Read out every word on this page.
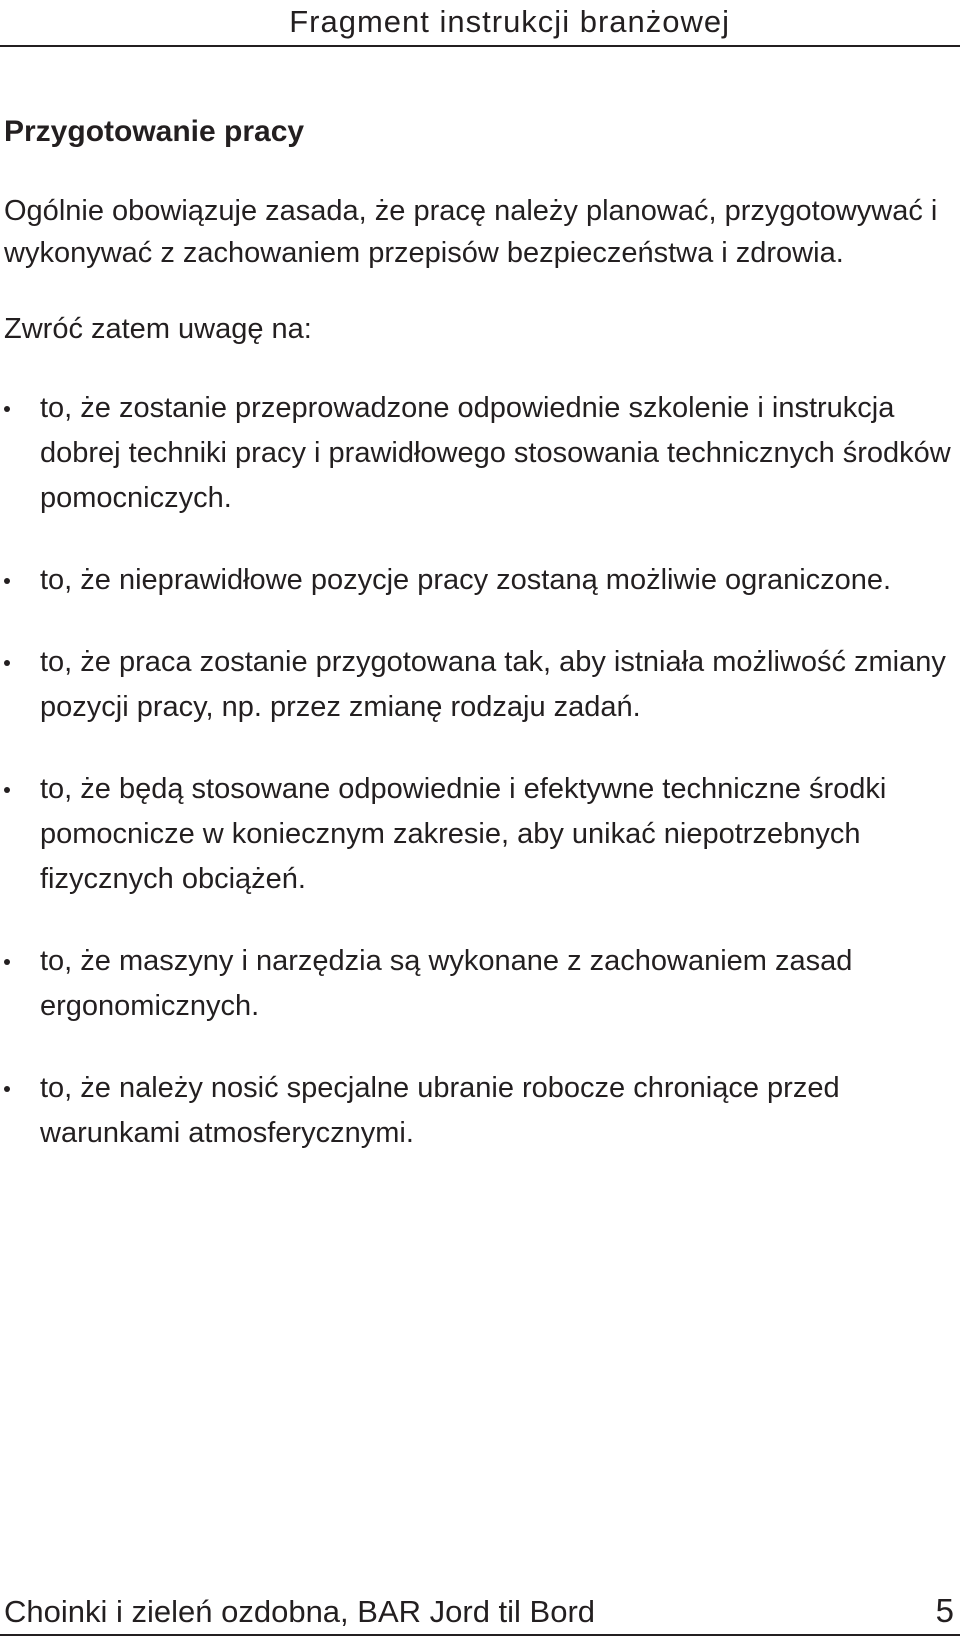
Fragment instrukcji branżowej
Przygotowanie pracy

Ogólnie obowiązuje zasada, że pracę należy planować, przygotowywać i wykonywać z zachowaniem przepisów bezpieczeństwa i zdrowia.

Zwróć zatem uwagę na:

to, że zostanie przeprowadzone odpowiednie szkolenie i instrukcja dobrej techniki pracy i prawidłowego stosowania technicznych środków pomocniczych.
to, że nieprawidłowe pozycje pracy zostaną możliwie ograniczone.
to, że praca zostanie przygotowana tak, aby istniała możliwość zmiany pozycji pracy, np. przez zmianę rodzaju zadań.
to, że będą stosowane odpowiednie i efektywne techniczne środki pomocnicze w koniecznym zakresie, aby unikać niepotrzebnych fizycznych obciążeń.
to, że maszyny i narzędzia są wykonane z zachowaniem zasad ergonomicznych.
to, że należy nosić specjalne ubranie robocze chroniące przed warunkami atmosferycznymi.
Choinki i zieleń ozdobna, BAR Jord til Bord	5
